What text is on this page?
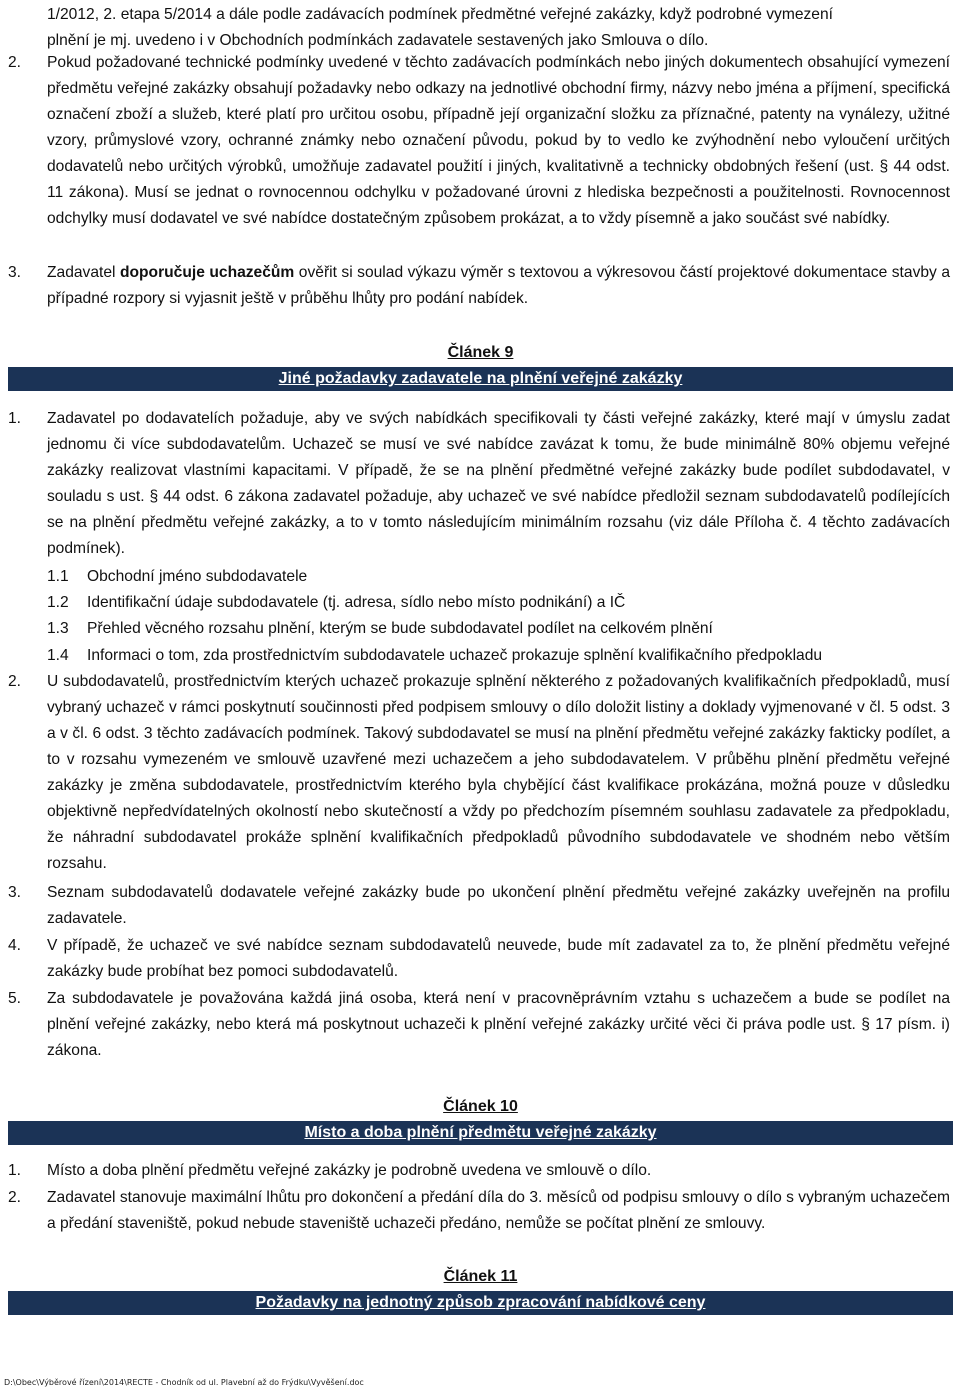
1/2012, 2. etapa 5/2014 a dále podle zadávacích podmínek předmětné veřejné zakázky, když podrobné vymezení
plnění je mj. uvedeno i v Obchodních podmínkách zadavatele sestavených jako Smlouva o dílo.
2. Pokud požadované technické podmínky uvedené v těchto zadávacích podmínkách nebo jiných dokumentech obsahující vymezení předmětu veřejné zakázky obsahují požadavky nebo odkazy na jednotlivé obchodní firmy, názvy nebo jména a příjmení, specifická označení zboží a služeb, které platí pro určitou osobu, případně její organizační složku za příznačné, patenty na vynálezy, užitné vzory, průmyslové vzory, ochranné známky nebo označení původu, pokud by to vedlo ke zvýhodnění nebo vyloučení určitých dodavatelů nebo určitých výrobků, umožňuje zadavatel použití i jiných, kvalitativně a technicky obdobných řešení (ust. § 44 odst. 11 zákona). Musí se jednat o rovnocennou odchylku v požadované úrovni z hlediska bezpečnosti a použitelnosti. Rovnocennost odchylky musí dodavatel ve své nabídce dostatečným způsobem prokázat, a to vždy písemně a jako součást své nabídky.
3. Zadavatel doporučuje uchazečům ověřit si soulad výkazu výměr s textovou a výkresovou částí projektové dokumentace stavby a případné rozpory si vyjasnit ještě v průběhu lhůty pro podání nabídek.
Článek 9
Jiné požadavky zadavatele na plnění veřejné zakázky
1. Zadavatel po dodavatelích požaduje, aby ve svých nabídkách specifikovali ty části veřejné zakázky, které mají v úmyslu zadat jednomu či více subdodavatelům. Uchazeč se musí ve své nabídce zavázat k tomu, že bude minimálně 80% objemu veřejné zakázky realizovat vlastními kapacitami. V případě, že se na plnění předmětné veřejné zakázky bude podílet subdodavatel, v souladu s ust. § 44 odst. 6 zákona zadavatel požaduje, aby uchazeč ve své nabídce předložil seznam subdodavatelů podílejících se na plnění předmětu veřejné zakázky, a to v tomto následujícím minimálním rozsahu (viz dále Příloha č. 4 těchto zadávacích podmínek).
1.1 Obchodní jméno subdodavatele
1.2 Identifikační údaje subdodavatele (tj. adresa, sídlo nebo místo podnikání) a IČ
1.3 Přehled věcného rozsahu plnění, kterým se bude subdodavatel podílet na celkovém plnění
1.4 Informaci o tom, zda prostřednictvím subdodavatele uchazeč prokazuje splnění kvalifikačního předpokladu
2. U subdodavatelů, prostřednictvím kterých uchazeč prokazuje splnění některého z požadovaných kvalifikačních předpokladů, musí vybraný uchazeč v rámci poskytnutí součinnosti před podpisem smlouvy o dílo doložit listiny a doklady vyjmenované v čl. 5 odst. 3 a v čl. 6 odst. 3 těchto zadávacích podmínek. Takový subdodavatel se musí na plnění předmětu veřejné zakázky fakticky podílet, a to v rozsahu vymezeném ve smlouvě uzavřené mezi uchazečem a jeho subdodavatelem. V průběhu plnění předmětu veřejné zakázky je změna subdodavatele, prostřednictvím kterého byla chybějící část kvalifikace prokázána, možná pouze v důsledku objektivně nepředvídatelných okolností nebo skutečností a vždy po předchozím písemném souhlasu zadavatele za předpokladu, že náhradní subdodavatel prokáže splnění kvalifikačních předpokladů původního subdodavatele ve shodném nebo větším rozsahu.
3. Seznam subdodavatelů dodavatele veřejné zakázky bude po ukončení plnění předmětu veřejné zakázky uveřejněn na profilu zadavatele.
4. V případě, že uchazeč ve své nabídce seznam subdodavatelů neuvede, bude mít zadavatel za to, že plnění předmětu veřejné zakázky bude probíhat bez pomoci subdodavatelů.
5. Za subdodavatele je považována každá jiná osoba, která není v pracovněprávním vztahu s uchazečem a bude se podílet na plnění veřejné zakázky, nebo která má poskytnout uchazeči k plnění veřejné zakázky určité věci či práva podle ust. § 17 písm. i) zákona.
Článek 10
Místo a doba plnění předmětu veřejné zakázky
1. Místo a doba plnění předmětu veřejné zakázky je podrobně uvedena ve smlouvě o dílo.
2. Zadavatel stanovuje maximální lhůtu pro dokončení a předání díla do 3. měsíců od podpisu smlouvy o dílo s vybraným uchazečem a předání staveniště, pokud nebude staveniště uchazeči předáno, nemůže se počítat plnění ze smlouvy.
Článek 11
Požadavky na jednotný způsob zpracování nabídkové ceny
D:\Obec\Výběrové řízení\2014\RECTE - Chodník od ul. Plavební až do Frýdku\Vyvěšení.doc
